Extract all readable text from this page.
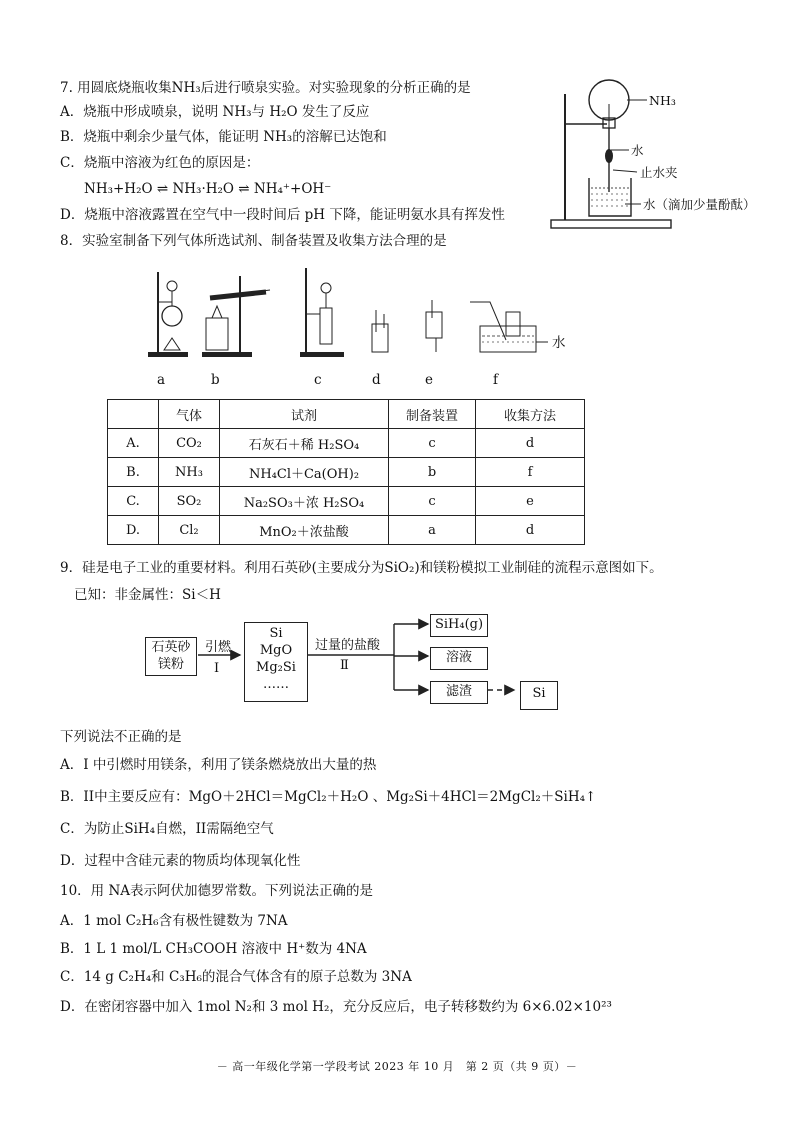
7. 用圆底烧瓶收集NH₃后进行喷泉实验。对实验现象的分析正确的是
A．烧瓶中形成喷泉，说明 NH₃与 H₂O 发生了反应
B．烧瓶中剩余少量气体，能证明 NH₃的溶解已达饱和
C．烧瓶中溶液为红色的原因是：
NH₃+H₂O ⇌ NH₃·H₂O ⇌ NH₄⁺+OH⁻
D．烧瓶中溶液露置在空气中一段时间后 pH 下降，能证明氨水具有挥发性
NH₃
水
止水夹
水（滴加少量酚酞）
8．实验室制备下列气体所选试剂、制备装置及收集方法合理的是
水
a	b	c	d	e	f
	气体	试剂	制备装置	收集方法
A.	CO₂	石灰石＋稀 H₂SO₄	c	d
B.	NH₃	NH₄Cl＋Ca(OH)₂	b	f
C.	SO₂	Na₂SO₃＋浓 H₂SO₄	c	e
D.	Cl₂	MnO₂＋浓盐酸	a	d
9．硅是电子工业的重要材料。利用石英砂(主要成分为SiO₂)和镁粉模拟工业制硅的流程示意图如下。
已知：非金属性：Si＜H
石英砂
镁粉
引燃
I
Si
MgO
Mg₂Si
……
过量的盐酸
Ⅱ
SiH₄(g)
溶液
滤渣	Si
下列说法不正确的是
A．I 中引燃时用镁条，利用了镁条燃烧放出大量的热
B．II中主要反应有：MgO＋2HCl＝MgCl₂＋H₂O 、Mg₂Si＋4HCl＝2MgCl₂＋SiH₄↑
C．为防止SiH₄自燃，II需隔绝空气
D．过程中含硅元素的物质均体现氧化性
10．用 NA表示阿伏加德罗常数。下列说法正确的是
A．1 mol C₂H₆含有极性键数为 7NA
B．1 L 1 mol/L CH₃COOH 溶液中 H⁺数为 4NA
C．14 g C₂H₄和 C₃H₆的混合气体含有的原子总数为 3NA
D．在密闭容器中加入 1mol N₂和 3 mol H₂，充分反应后，电子转移数约为 6×6.02×10²³
－ 高一年级化学第一学段考试 2023 年 10 月　第 2 页（共 9 页）－
